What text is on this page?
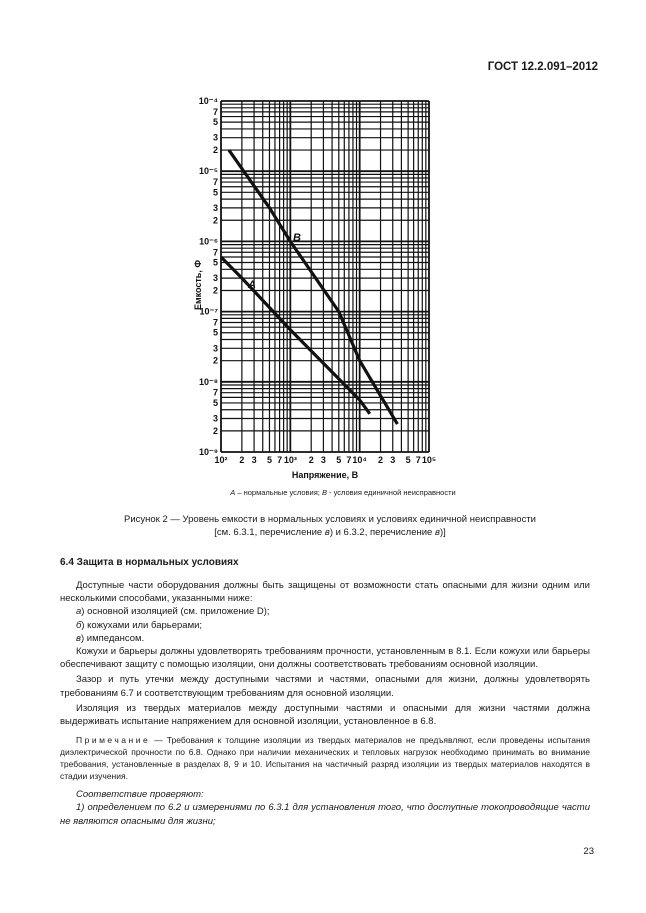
ГОСТ 12.2.091–2012
10⁻⁴
7
5
3
2
10⁻⁵
7
5
3
2
10⁻⁶
7
5
3
2
10⁻⁷
7
5
3
2
10⁻⁸
7
5
3
2
10⁻⁹
10² 2 3 5 7 10³ 2 3 5 7 10⁴ 2 3 5 7 10⁵
Напряжение, В
Емкость, Ф	A
B
A – нормальные условия; B - условия единичной неисправности
Рисунок 2 — Уровень емкости в нормальных условиях и условиях единичной неисправности
[см. 6.3.1, перечисление в) и 6.3.2, перечисление в)]
6.4 Защита в нормальных условиях

Доступные части оборудования должны быть защищены от возможности стать опасными для жизни одним или несколькими способами, указанными ниже:

а) основной изоляцией (см. приложение D);

б) кожухами или барьерами;

в) импедансом.

Кожухи и барьеры должны удовлетворять требованиям прочности, установленным в 8.1. Если кожухи или барьеры обеспечивают защиту с помощью изоляции, они должны соответствовать требованиям основной изоляции.

Зазор и путь утечки между доступными частями и частями, опасными для жизни, должны удовлетворять требованиям 6.7 и соответствующим требованиям для основной изоляции.

Изоляция из твердых материалов между доступными частями и опасными для жизни частями должна выдерживать испытание напряжением для основной изоляции, установленное в 6.8.

Примечание — Требования к толщине изоляции из твердых материалов не предъявляют, если проведены испытания диэлектрической прочности по 6.8. Однако при наличии механических и тепловых нагрузок необходимо принимать во внимание требования, установленные в разделах 8, 9 и 10. Испытания на частичный разряд изоляции из твердых материалов находятся в стадии изучения.

Соответствие проверяют:

1) определением по 6.2 и измерениями по 6.3.1 для установления того, что доступные токопроводящие части не являются опасными для жизни;

23
